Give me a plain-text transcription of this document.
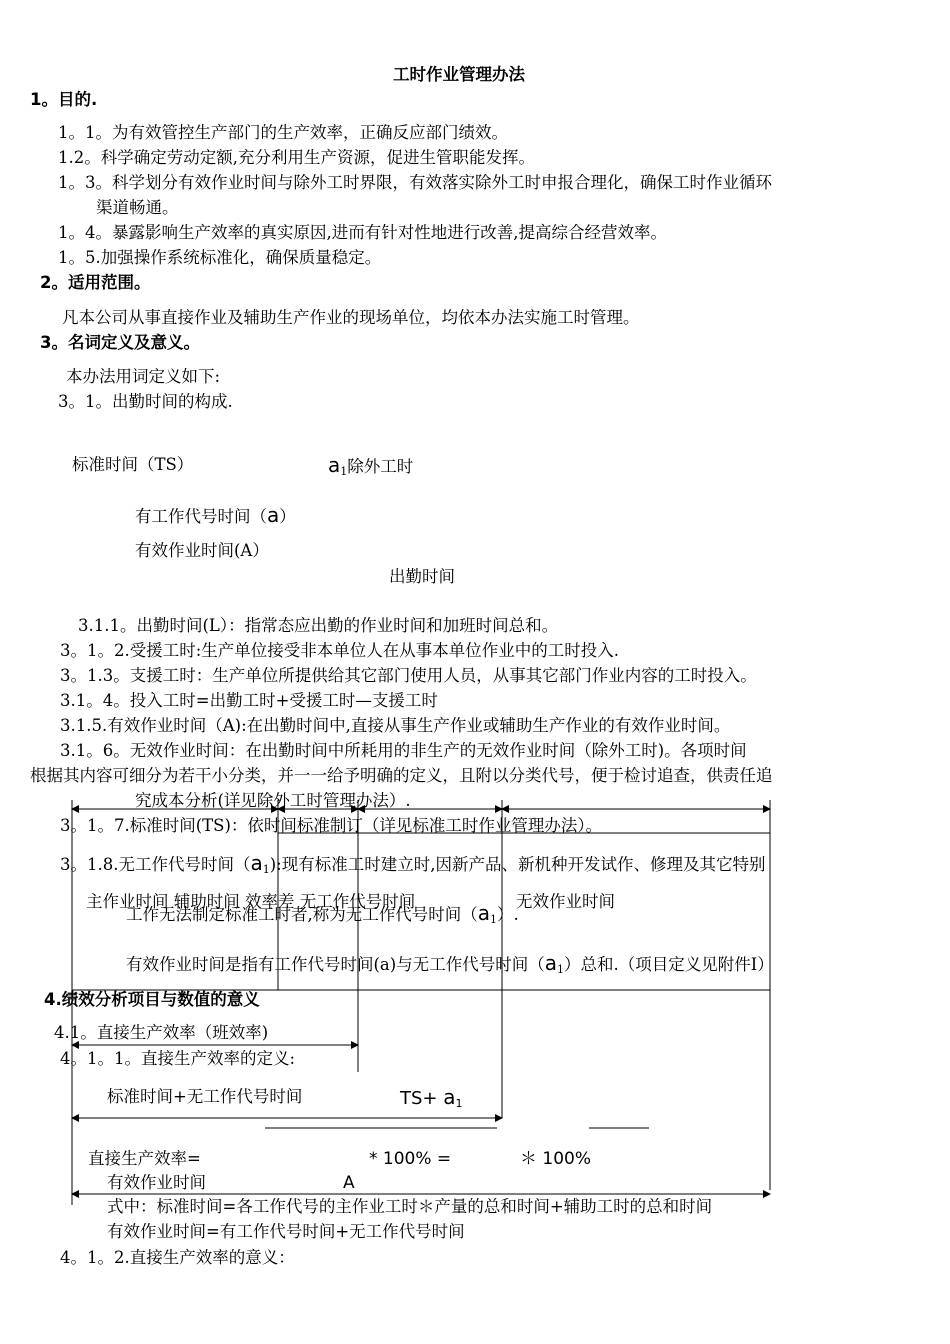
工时作业管理办法
1。目的.
1。1。为有效管控生产部门的生产效率，正确反应部门绩效。
1.2。科学确定劳动定额,充分利用生产资源，促进生管职能发挥。
1。3。科学划分有效作业时间与除外工时界限，有效落实除外工时申报合理化，确保工时作业循环
渠道畅通。
1。4。暴露影响生产效率的真实原因,进而有针对性地进行改善,提高综合经营效率。
1。5.加强操作系统标准化，确保质量稳定。
2。适用范围。
凡本公司从事直接作业及辅助生产作业的现场单位，均依本办法实施工时管理。
3。名词定义及意义。
本办法用词定义如下:
3。1。出勤时间的构成.
标准时间（TS）	$a_1$除外工时
有工作代号时间（a）
有效作业时间(A）
出勤时间
3.1.1。出勤时间(L）：指常态应出勤的作业时间和加班时间总和。
3。1。2.受援工时:生产单位接受非本单位人在从事本单位作业中的工时投入.
3。1.3。支援工时：生产单位所提供给其它部门使用人员，从事其它部门作业内容的工时投入。
3.1。4。投入工时=出勤工时+受援工时—支援工时
3.1.5.有效作业时间（A):在出勤时间中,直接从事生产作业或辅助生产作业的有效作业时间。
3.1。6。无效作业时间：在出勤时间中所耗用的非生产的无效作业时间（除外工时)。各项时间
根据其内容可细分为若干小分类，并一一给予明确的定义，且附以分类代号，便于检讨追查，供责任追
究成本分析(详见除外工时管理办法）.
3。1。7.标准时间(TS)：依时间标准制订（详见标准工时作业管理办法）。
3。1.8.无工作代号时间$(a_1)$:现有标准工时建立时,因新产品、新机种开发试作、修理及其它特别
主作业时间 辅助时间 效率差 无工作代号时间	无效作业时间
工作无法制定标准工时者,称为无工作代号时间$(a_1)$.
有效作业时间是指有工作代号时间(a)与无工作代号时间$(a_1)$总和.（项目定义见附件Ⅰ）
4.绩效分析项目与数值的意义
4.1。直接生产效率（班效率)
4。1。1。直接生产效率的定义:
标准时间+无工作代号时间	$TS+ a_1$
直接生产效率=	* 100% =	＊ 100%
有效作业时间	A
式中：标准时间=各工作代号的主作业工时＊产量的总和时间+辅助工时的总和时间
有效作业时间=有工作代号时间+无工作代号时间
4。1。2.直接生产效率的意义：
